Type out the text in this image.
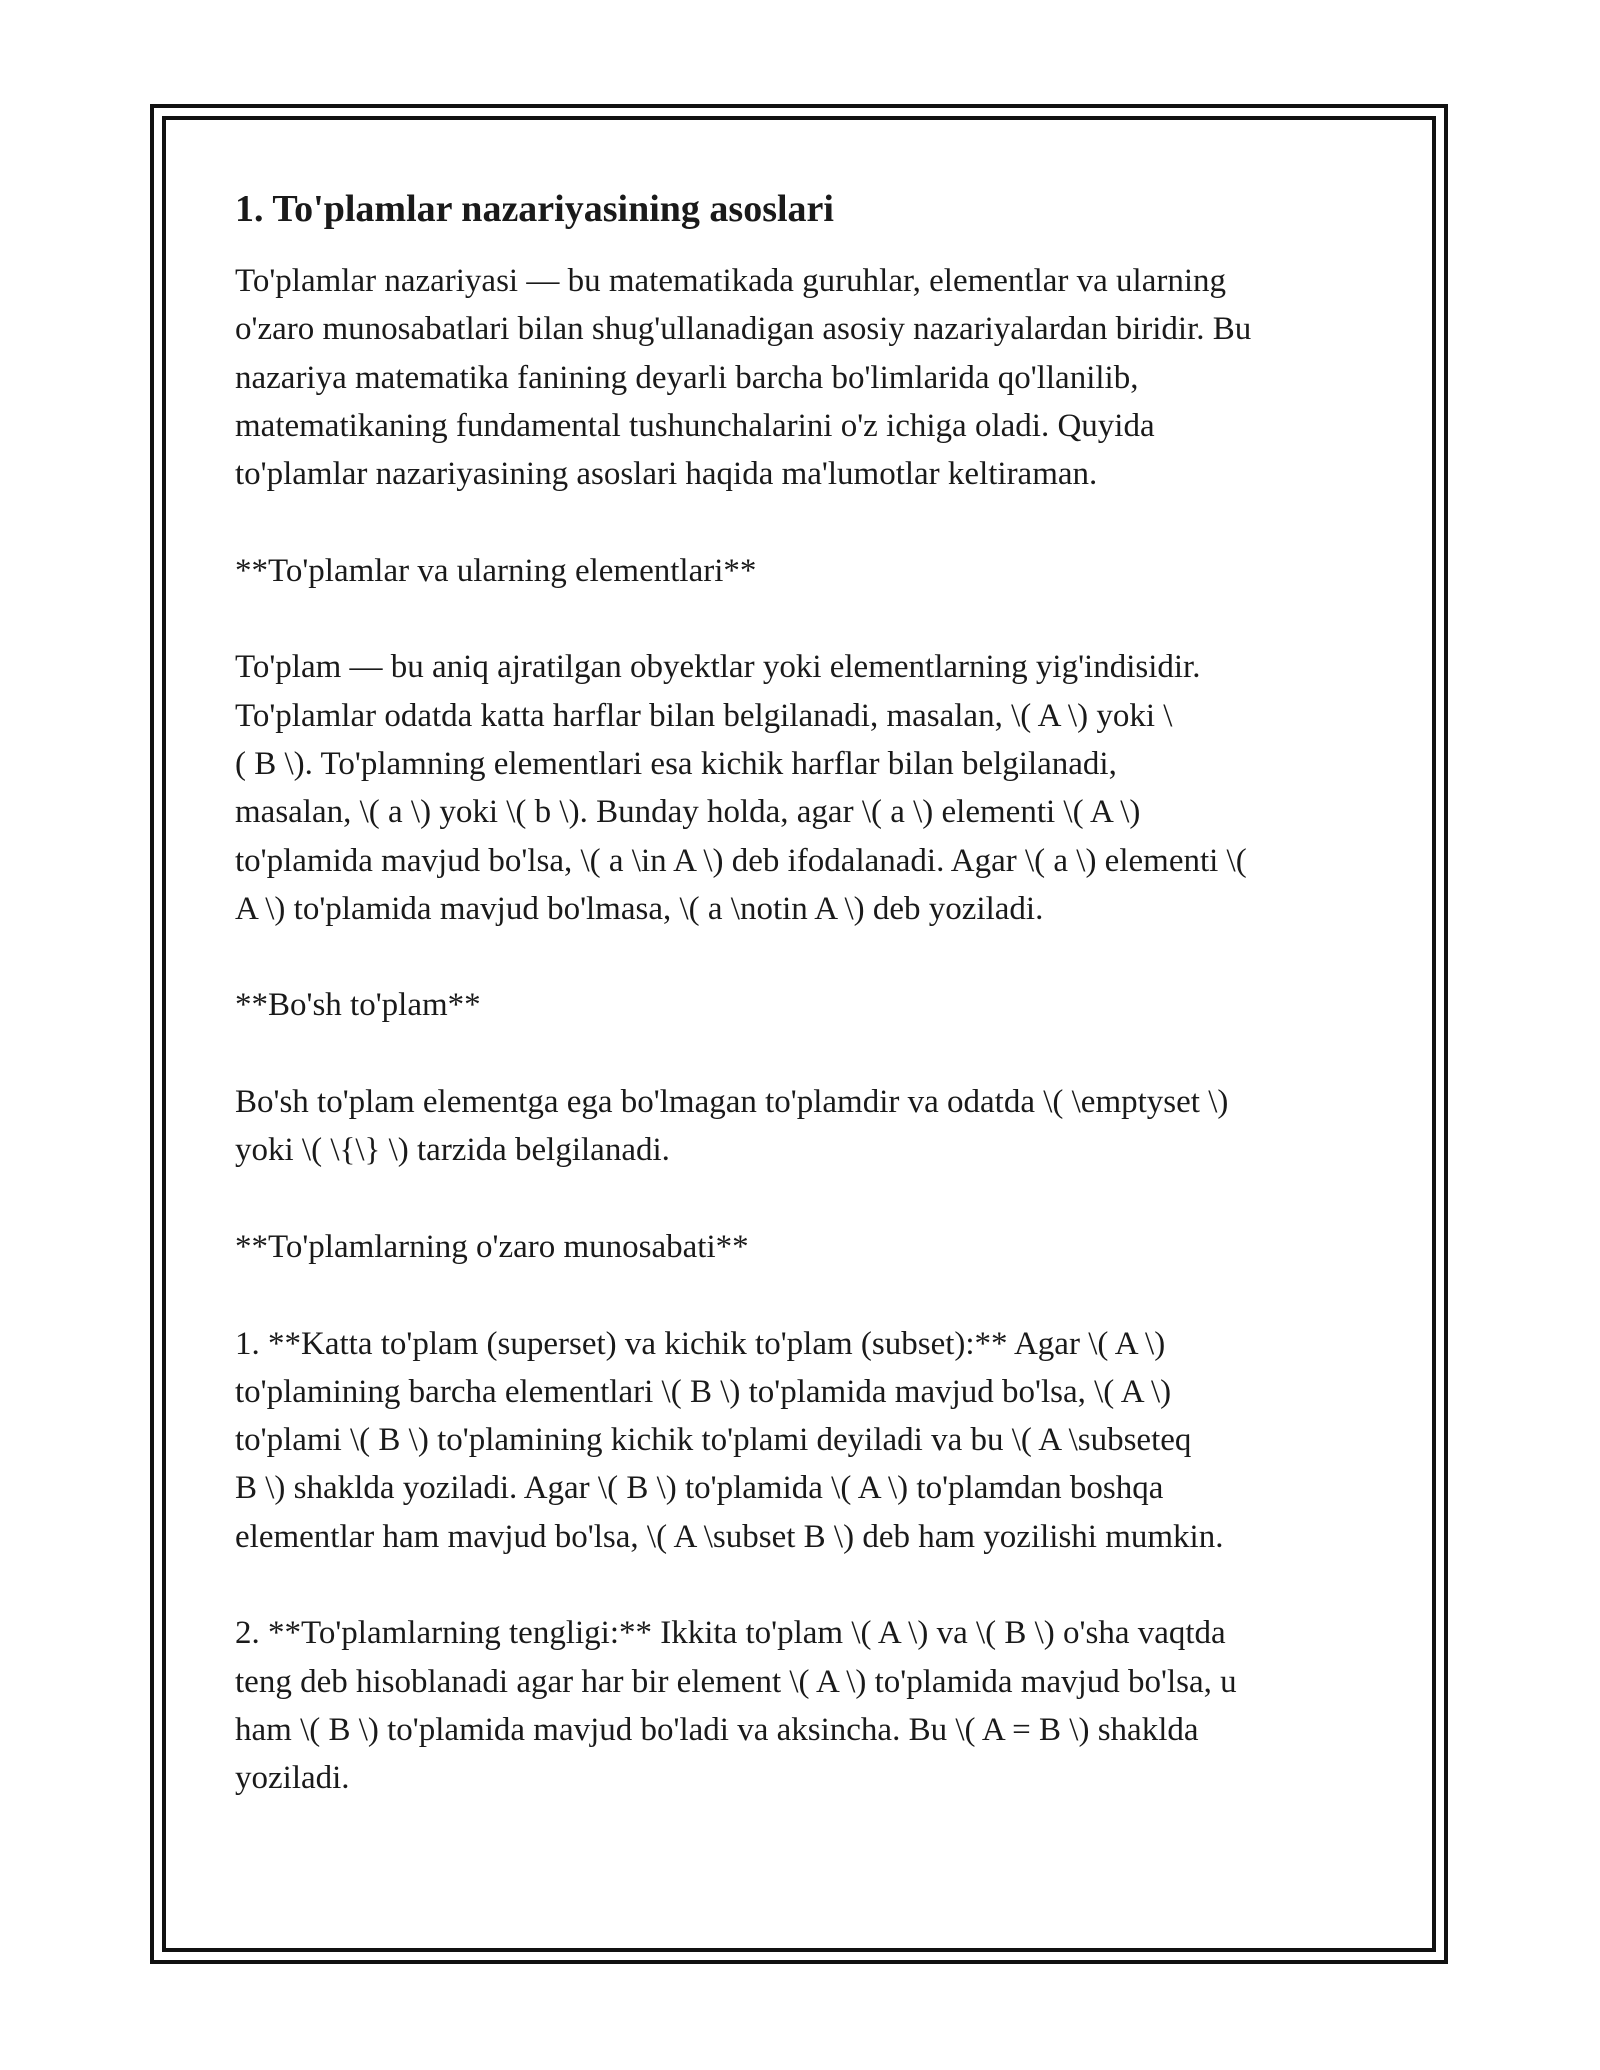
1. To'plamlar nazariyasining asoslari

To'plamlar nazariyasi — bu matematikada guruhlar, elementlar va ularning
o'zaro munosabatlari bilan shug'ullanadigan asosiy nazariyalardan biridir. Bu
nazariya matematika fanining deyarli barcha bo'limlarida qo'llanilib,
matematikaning fundamental tushunchalarini o'z ichiga oladi. Quyida
to'plamlar nazariyasining asoslari haqida ma'lumotlar keltiraman.

**To'plamlar va ularning elementlari**

To'plam — bu aniq ajratilgan obyektlar yoki elementlarning yig'indisidir.
To'plamlar odatda katta harflar bilan belgilanadi, masalan, \( A \) yoki \
( B \). To'plamning elementlari esa kichik harflar bilan belgilanadi,
masalan, \( a \) yoki \( b \). Bunday holda, agar \( a \) elementi \( A \)
to'plamida mavjud bo'lsa, \( a \in A \) deb ifodalanadi. Agar \( a \) elementi \(
A \) to'plamida mavjud bo'lmasa, \( a \notin A \) deb yoziladi.

**Bo'sh to'plam**

Bo'sh to'plam elementga ega bo'lmagan to'plamdir va odatda \( \emptyset \)
yoki \( \{\} \) tarzida belgilanadi.

**To'plamlarning o'zaro munosabati**

1. **Katta to'plam (superset) va kichik to'plam (subset):** Agar \( A \)
to'plamining barcha elementlari \( B \) to'plamida mavjud bo'lsa, \( A \)
to'plami \( B \) to'plamining kichik to'plami deyiladi va bu \( A \subseteq
B \) shaklda yoziladi. Agar \( B \) to'plamida \( A \) to'plamdan boshqa
elementlar ham mavjud bo'lsa, \( A \subset B \) deb ham yozilishi mumkin.

2. **To'plamlarning tengligi:** Ikkita to'plam \( A \) va \( B \) o'sha vaqtda
teng deb hisoblanadi agar har bir element \( A \) to'plamida mavjud bo'lsa, u
ham \( B \) to'plamida mavjud bo'ladi va aksincha. Bu \( A = B \) shaklda
yoziladi.
